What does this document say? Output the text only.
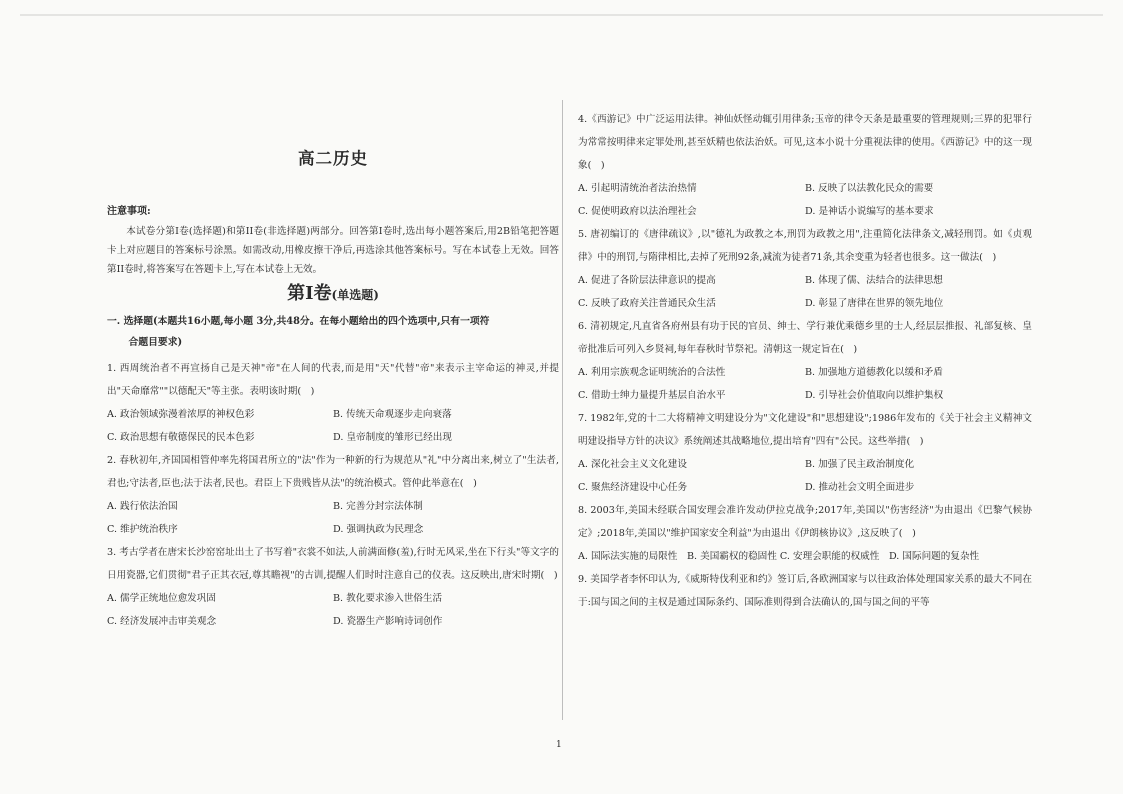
高二历史

注意事项:

本试卷分第I卷(选择题)和第II卷(非选择题)两部分。回答第I卷时,选出每小题答案后,用2B铅笔把答题卡上对应题目的答案标号涂黑。如需改动,用橡皮擦干净后,再选涂其他答案标号。写在本试卷上无效。回答第II卷时,将答案写在答题卡上,写在本试卷上无效。

第I卷(单选题)

一. 选择题(本题共16小题,每小题 3分,共48分。在每小题给出的四个选项中,只有一项符

合题目要求)

1. 西周统治者不再宣扬自己是天神"帝"在人间的代表,而是用"天"代替"帝"来表示主宰命运的神灵,并提出"天命靡常""以德配天"等主张。表明该时期(　)

A. 政治领域弥漫着浓厚的神权色彩	B. 传统天命观逐步走向衰落

C. 政治思想有敬德保民的民本色彩	D. 皇帝制度的雏形已经出现

2. 春秋初年,齐国国相管仲率先将国君所立的"法"作为一种新的行为规范从"礼"中分离出来,树立了"生法者,君也;守法者,臣也;法于法者,民也。君臣上下贵贱皆从法"的统治模式。管仲此举意在(　)

A. 践行依法治国	B. 完善分封宗法体制

C. 维护统治秩序	D. 强调执政为民理念

3. 考古学者在唐宋长沙窑窑址出土了书写着"衣裳不如法,人前满面修(羞),行时无风采,坐在下行头"等文字的日用瓷器,它们贯彻"君子正其衣冠,尊其瞻视"的古训,提醒人们时时注意自己的仪表。这反映出,唐宋时期(　)

A. 儒学正统地位愈发巩固	B. 教化要求渗入世俗生活

C. 经济发展冲击审美观念	D. 瓷器生产影响诗词创作

4.《西游记》中广泛运用法律。神仙妖怪动辄引用律条;玉帝的律令天条是最重要的管理规则;三界的犯罪行为常常按明律来定罪处刑,甚至妖精也依法治妖。可见,这本小说十分重视法律的使用。《西游记》中的这一现象(　)

A. 引起明清统治者法治热情	B. 反映了以法教化民众的需要

C. 促使明政府以法治理社会	D. 是神话小说编写的基本要求

5. 唐初编订的《唐律疏议》,以"德礼为政教之本,刑罚为政教之用",注重简化法律条文,减轻刑罚。如《贞观律》中的刑罚,与隋律相比,去掉了死刑92条,减流为徒者71条,其余变重为轻者也很多。这一做法(　)

A. 促进了各阶层法律意识的提高	B. 体现了儒、法结合的法律思想

C. 反映了政府关注普通民众生活	D. 彰显了唐律在世界的领先地位

6. 清初规定,凡直省各府州县有功于民的官员、绅士、学行兼优乘德乡里的士人,经层层推报、礼部复核、皇帝批准后可列入乡贤祠,每年春秋时节祭祀。清朝这一规定旨在(　)

A. 利用宗族观念证明统治的合法性	B. 加强地方道德教化以缓和矛盾

C. 借助士绅力量提升基层自治水平	D. 引导社会价值取向以维护集权

7. 1982年,党的十二大将精神文明建设分为"文化建设"和"思想建设";1986年发布的《关于社会主义精神文明建设指导方针的决议》系统阐述其战略地位,提出培育"四有"公民。这些举措(　)

A. 深化社会主义文化建设	B. 加强了民主政治制度化

C. 聚焦经济建设中心任务	D. 推动社会文明全面进步

8. 2003年,美国未经联合国安理会准许发动伊拉克战争;2017年,美国以"伤害经济"为由退出《巴黎气候协定》;2018年,美国以"维护国家安全利益"为由退出《伊朗核协议》,这反映了(　)

A. 国际法实施的局限性　B. 美国霸权的稳固性 C. 安理会职能的权威性　D. 国际问题的复杂性

9. 美国学者李怀印认为,《威斯特伐利亚和约》签订后,各欧洲国家与以往政治体处理国家关系的最大不同在于:国与国之间的主权是通过国际条约、国际准则得到合法确认的,国与国之间的平等

1
